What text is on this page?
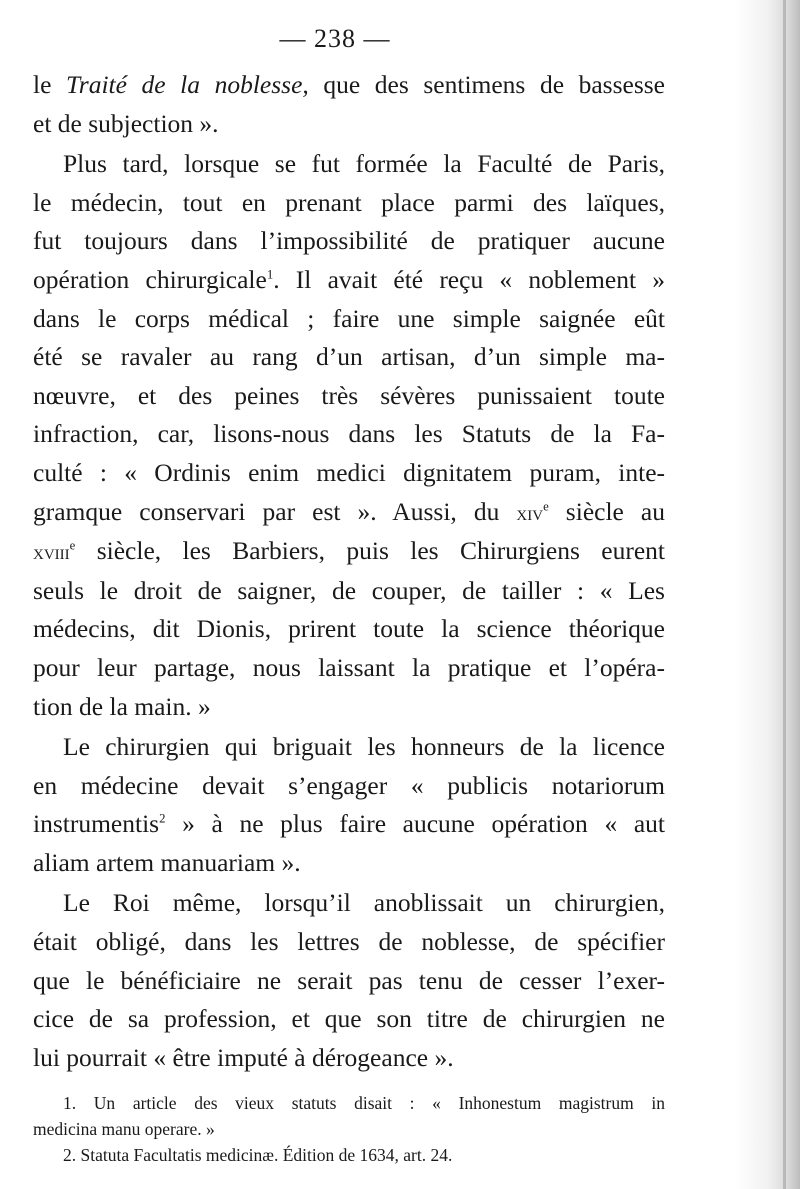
— 238 —
le Traité de la noblesse, que des sentimens de bassesse
et de subjection ».
Plus tard, lorsque se fut formée la Faculté de Paris,
le médecin, tout en prenant place parmi des laïques,
fut toujours dans l’impossibilité de pratiquer aucune
opération chirurgicale$^1$. Il avait été reçu « noblement »
dans le corps médical ; faire une simple saignée eût
été se ravaler au rang d’un artisan, d’un simple ma-
nœuvre, et des peines très sévères punissaient toute
infraction, car, lisons-nous dans les Statuts de la Fa-
culté : « Ordinis enim medici dignitatem puram, inte-
gramque conservari par est ». Aussi, du xiv$^e$ siècle au
xviii$^e$ siècle, les Barbiers, puis les Chirurgiens eurent
seuls le droit de saigner, de couper, de tailler : « Les
médecins, dit Dionis, prirent toute la science théorique
pour leur partage, nous laissant la pratique et l’opéra-
tion de la main. »
Le chirurgien qui briguait les honneurs de la licence
en médecine devait s’engager « publicis notariorum
instrumentis$^2$ » à ne plus faire aucune opération « aut
aliam artem manuariam ».
Le Roi même, lorsqu’il anoblissait un chirurgien,
était obligé, dans les lettres de noblesse, de spécifier
que le bénéficiaire ne serait pas tenu de cesser l’exer-
cice de sa profession, et que son titre de chirurgien ne
lui pourrait « être imputé à dérogeance ».
1. Un article des vieux statuts disait : « Inhonestum magistrum in
medicina manu operare. »
2. Statuta Facultatis medicinæ. Édition de 1634, art. 24.
